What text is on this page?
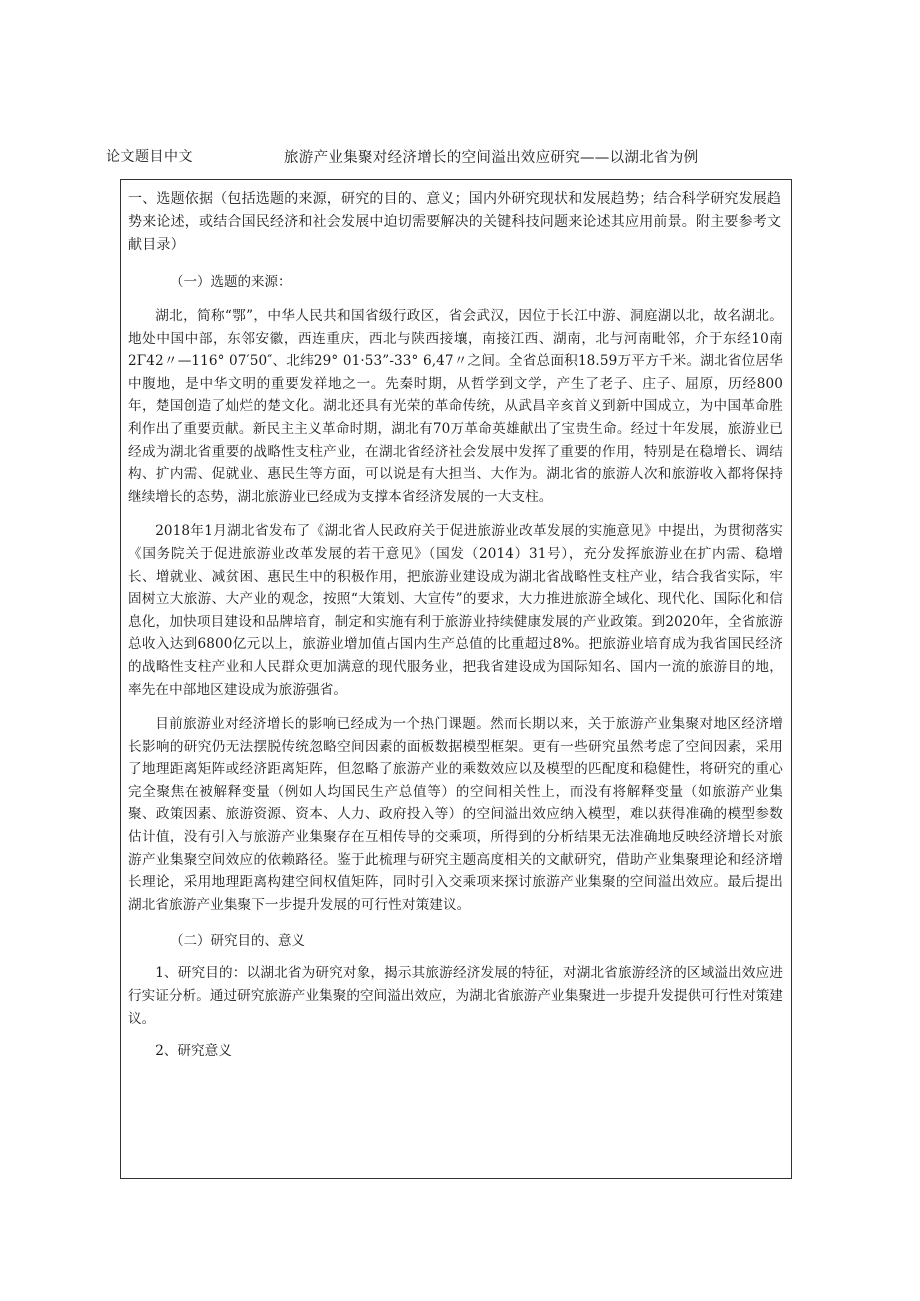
论文题目中文	旅游产业集聚对经济增长的空间溢出效应研究——以湖北省为例

一、选题依据（包括选题的来源，研究的目的、意义；国内外研究现状和发展趋势；结合科学研究发展趋势来论述，或结合国民经济和社会发展中迫切需要解决的关键科技问题来论述其应用前景。附主要参考文献目录）

（一）选题的来源：

湖北，简称“鄂”，中华人民共和国省级行政区，省会武汉，因位于长江中游、洞庭湖以北，故名湖北。地处中国中部，东邻安徽，西连重庆，西北与陕西接壤，南接江西、湖南，北与河南毗邻，介于东经10南2Γ42〃—116° 07′50″、北纬29° 01·53”-33° 6,47〃之间。全省总面积18.59万平方千米。湖北省位居华中腹地，是中华文明的重要发祥地之一。先秦时期，从哲学到文学，产生了老子、庄子、屈原，历经800年，楚国创造了灿烂的楚文化。湖北还具有光荣的革命传统，从武昌辛亥首义到新中国成立，为中国革命胜利作出了重要贡献。新民主主义革命时期，湖北有70万革命英雄献出了宝贵生命。经过十年发展，旅游业已经成为湖北省重要的战略性支柱产业，在湖北省经济社会发展中发挥了重要的作用，特别是在稳增长、调结构、扩内需、促就业、惠民生等方面，可以说是有大担当、大作为。湖北省的旅游人次和旅游收入都将保持继续增长的态势，湖北旅游业已经成为支撑本省经济发展的一大支柱。

2018年1月湖北省发布了《湖北省人民政府关于促进旅游业改革发展的实施意见》中提出，为贯彻落实《国务院关于促进旅游业改革发展的若干意见》（国发（2014）31号），充分发挥旅游业在扩内需、稳增长、增就业、减贫困、惠民生中的积极作用，把旅游业建设成为湖北省战略性支柱产业，结合我省实际，牢固树立大旅游、大产业的观念，按照“大策划、大宣传”的要求，大力推进旅游全域化、现代化、国际化和信息化，加快项目建设和品牌培育，制定和实施有利于旅游业持续健康发展的产业政策。到2020年，全省旅游总收入达到6800亿元以上，旅游业增加值占国内生产总值的比重超过8%。把旅游业培育成为我省国民经济的战略性支柱产业和人民群众更加满意的现代服务业，把我省建设成为国际知名、国内一流的旅游目的地，率先在中部地区建设成为旅游强省。

目前旅游业对经济增长的影响已经成为一个热门课题。然而长期以来，关于旅游产业集聚对地区经济增长影响的研究仍无法摆脱传统忽略空间因素的面板数据模型框架。更有一些研究虽然考虑了空间因素，采用了地理距离矩阵或经济距离矩阵，但忽略了旅游产业的乘数效应以及模型的匹配度和稳健性，将研究的重心完全聚焦在被解释变量（例如人均国民生产总值等）的空间相关性上，而没有将解释变量（如旅游产业集聚、政策因素、旅游资源、资本、人力、政府投入等）的空间溢出效应纳入模型，难以获得准确的模型参数估计值，没有引入与旅游产业集聚存在互相传导的交乘项，所得到的分析结果无法准确地反映经济增长对旅游产业集聚空间效应的依赖路径。鉴于此梳理与研究主题高度相关的文献研究，借助产业集聚理论和经济增长理论，采用地理距离构建空间权值矩阵，同时引入交乘项来探讨旅游产业集聚的空间溢出效应。最后提出湖北省旅游产业集聚下一步提升发展的可行性对策建议。

（二）研究目的、意义

1、研究目的：以湖北省为研究对象，揭示其旅游经济发展的特征，对湖北省旅游经济的区域溢出效应进行实证分析。通过研究旅游产业集聚的空间溢出效应，为湖北省旅游产业集聚进一步提升发提供可行性对策建议。

2、研究意义
